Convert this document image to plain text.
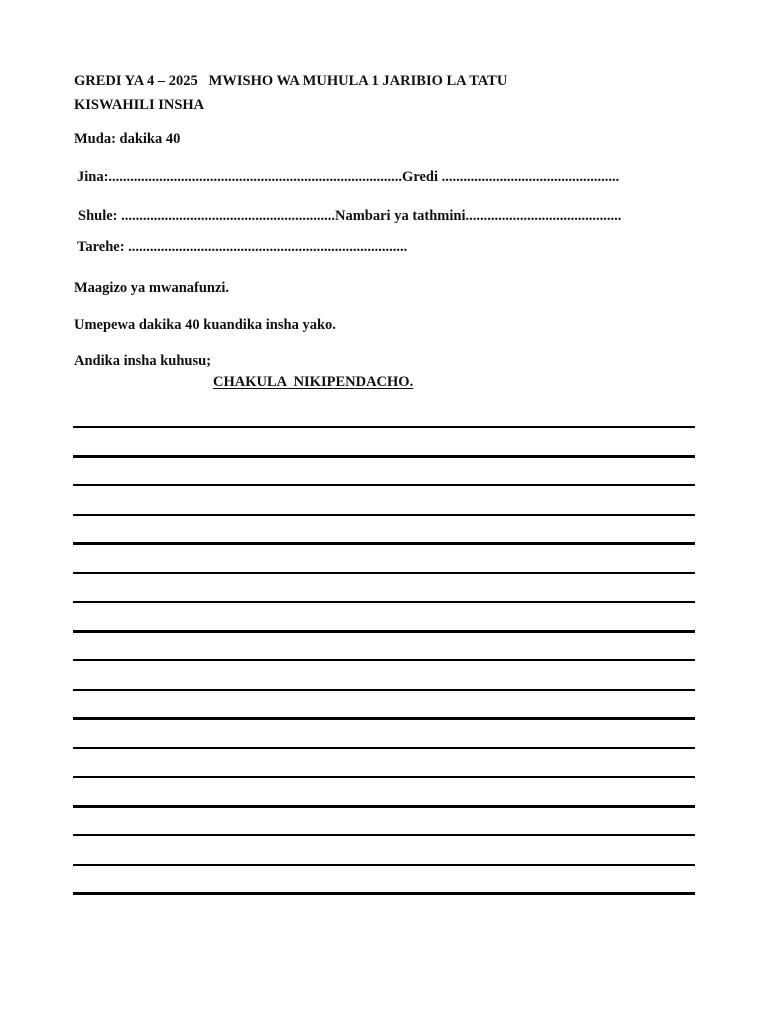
GREDI YA 4 – 2025   MWISHO WA MUHULA 1 JARIBIO LA TATU
KISWAHILI INSHA
Muda: dakika 40
Jina:.................................................................................Gredi .................................................
Shule: ...........................................................Nambari ya tathmini...........................................
Tarehe: .............................................................................
Maagizo ya mwanafunzi.
Umepewa dakika 40 kuandika insha yako.
Andika insha kuhusu;
CHAKULA  NIKIPENDACHO.
